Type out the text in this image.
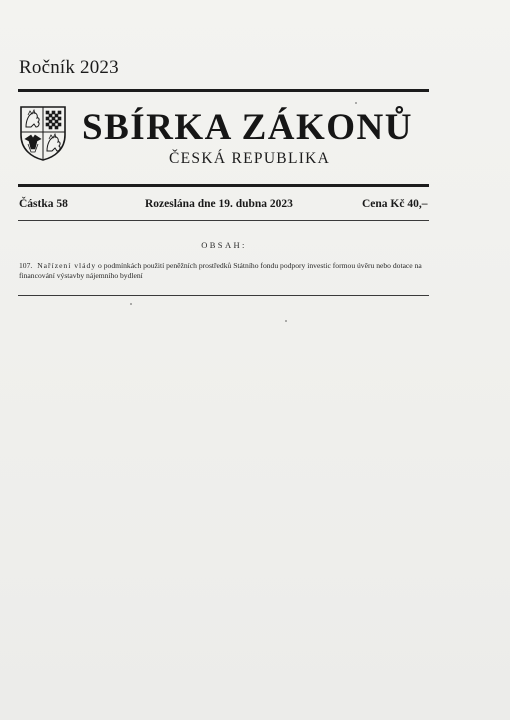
Ročník 2023
SBÍRKA ZÁKONŮ
ČESKÁ REPUBLIKA
Částka 58	Rozeslána dne 19. dubna 2023	Cena Kč 40,–
OBSAH:
107. Nařízení vlády o podmínkách použití peněžních prostředků Státního fondu podpory investic formou úvěru nebo dotace na financování výstavby nájemního bydlení
